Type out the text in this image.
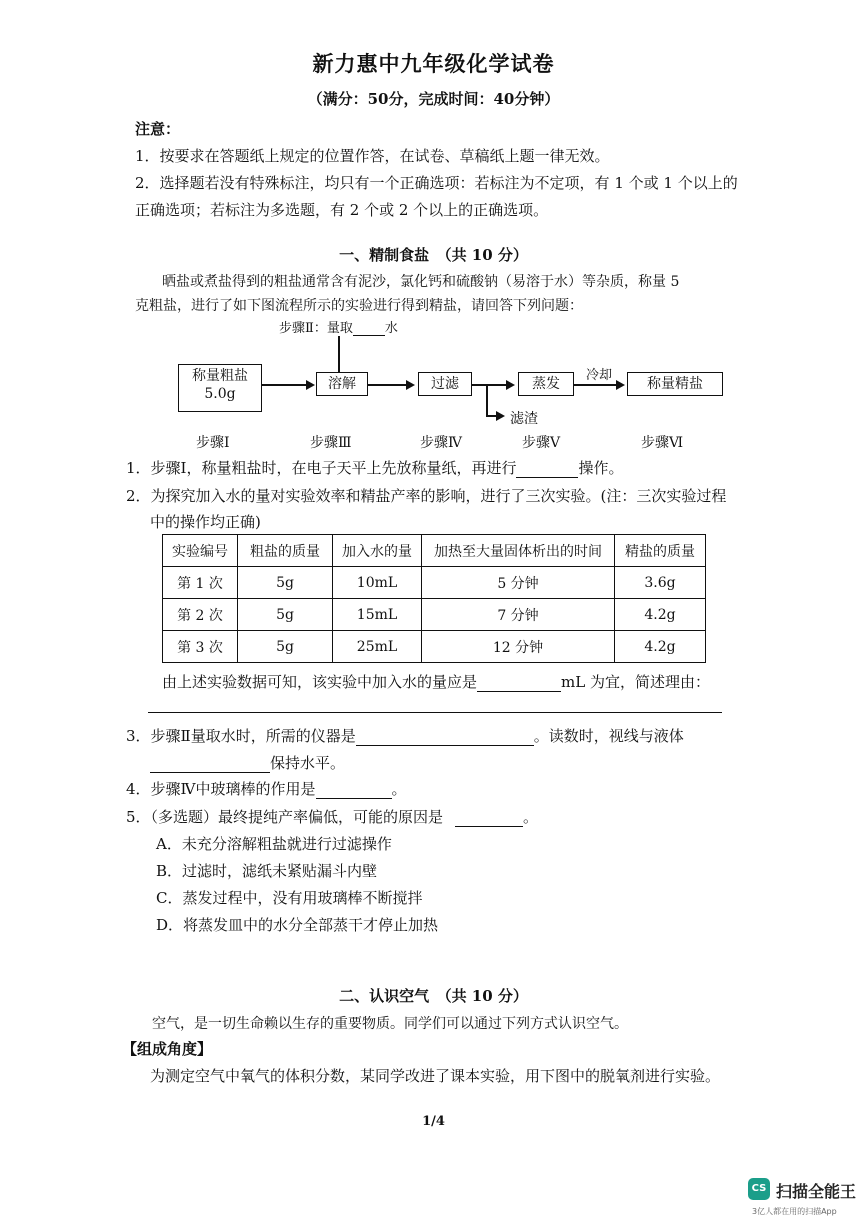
新力惠中九年级化学试卷
（满分：50分，完成时间：40分钟）
注意：
1．按要求在答题纸上规定的位置作答，在试卷、草稿纸上题一律无效。
2．选择题若没有特殊标注，均只有一个正确选项：若标注为不定项，有 1 个或 1 个以上的
正确选项；若标注为多选题，有 2 个或 2 个以上的正确选项。
一、精制食盐　（共 10 分）
晒盐或煮盐得到的粗盐通常含有泥沙，氯化钙和硫酸钠（易溶于水）等杂质，称量 5
克粗盐，进行了如下图流程所示的实验进行得到精盐，请回答下列问题：
步骤Ⅱ：量取 水
称量粗盐
5.0g
溶解	过滤
滤渣
蒸发
冷却
称量精盐
步骤Ⅰ	步骤Ⅲ	步骤Ⅳ	步骤Ⅴ	步骤Ⅵ
1．步骤Ⅰ，称量粗盐时，在电子天平上先放称量纸，再进行	操作。
2．为探究加入水的量对实验效率和精盐产率的影响，进行了三次实验。(注：三次实验过程
中的操作均正确)
实验编号	粗盐的质量	加入水的量	加热至大量固体析出的时间	精盐的质量
第 1 次	5g	10mL	5 分钟	3.6g
第 2 次	5g	15mL	7 分钟	4.2g
第 3 次	5g	25mL	12 分钟	4.2g
由上述实验数据可知，该实验中加入水的量应是	mL 为宜，简述理由：
3．步骤Ⅱ量取水时，所需的仪器是	。读数时，视线与液体
保持水平。
4．步骤Ⅳ中玻璃棒的作用是	。
5．（多选题）最终提纯产率偏低，可能的原因是	。
A．未充分溶解粗盐就进行过滤操作
B．过滤时，滤纸未紧贴漏斗内壁
C．蒸发过程中，没有用玻璃棒不断搅拌
D．将蒸发皿中的水分全部蒸干才停止加热
二、认识空气　（共 10 分）
空气，是一切生命赖以生存的重要物质。同学们可以通过下列方式认识空气。
【组成角度】
为测定空气中氧气的体积分数，某同学改进了课本实验，用下图中的脱氧剂进行实验。
1/4
CS 扫描全能王
3亿人都在用的扫描App
